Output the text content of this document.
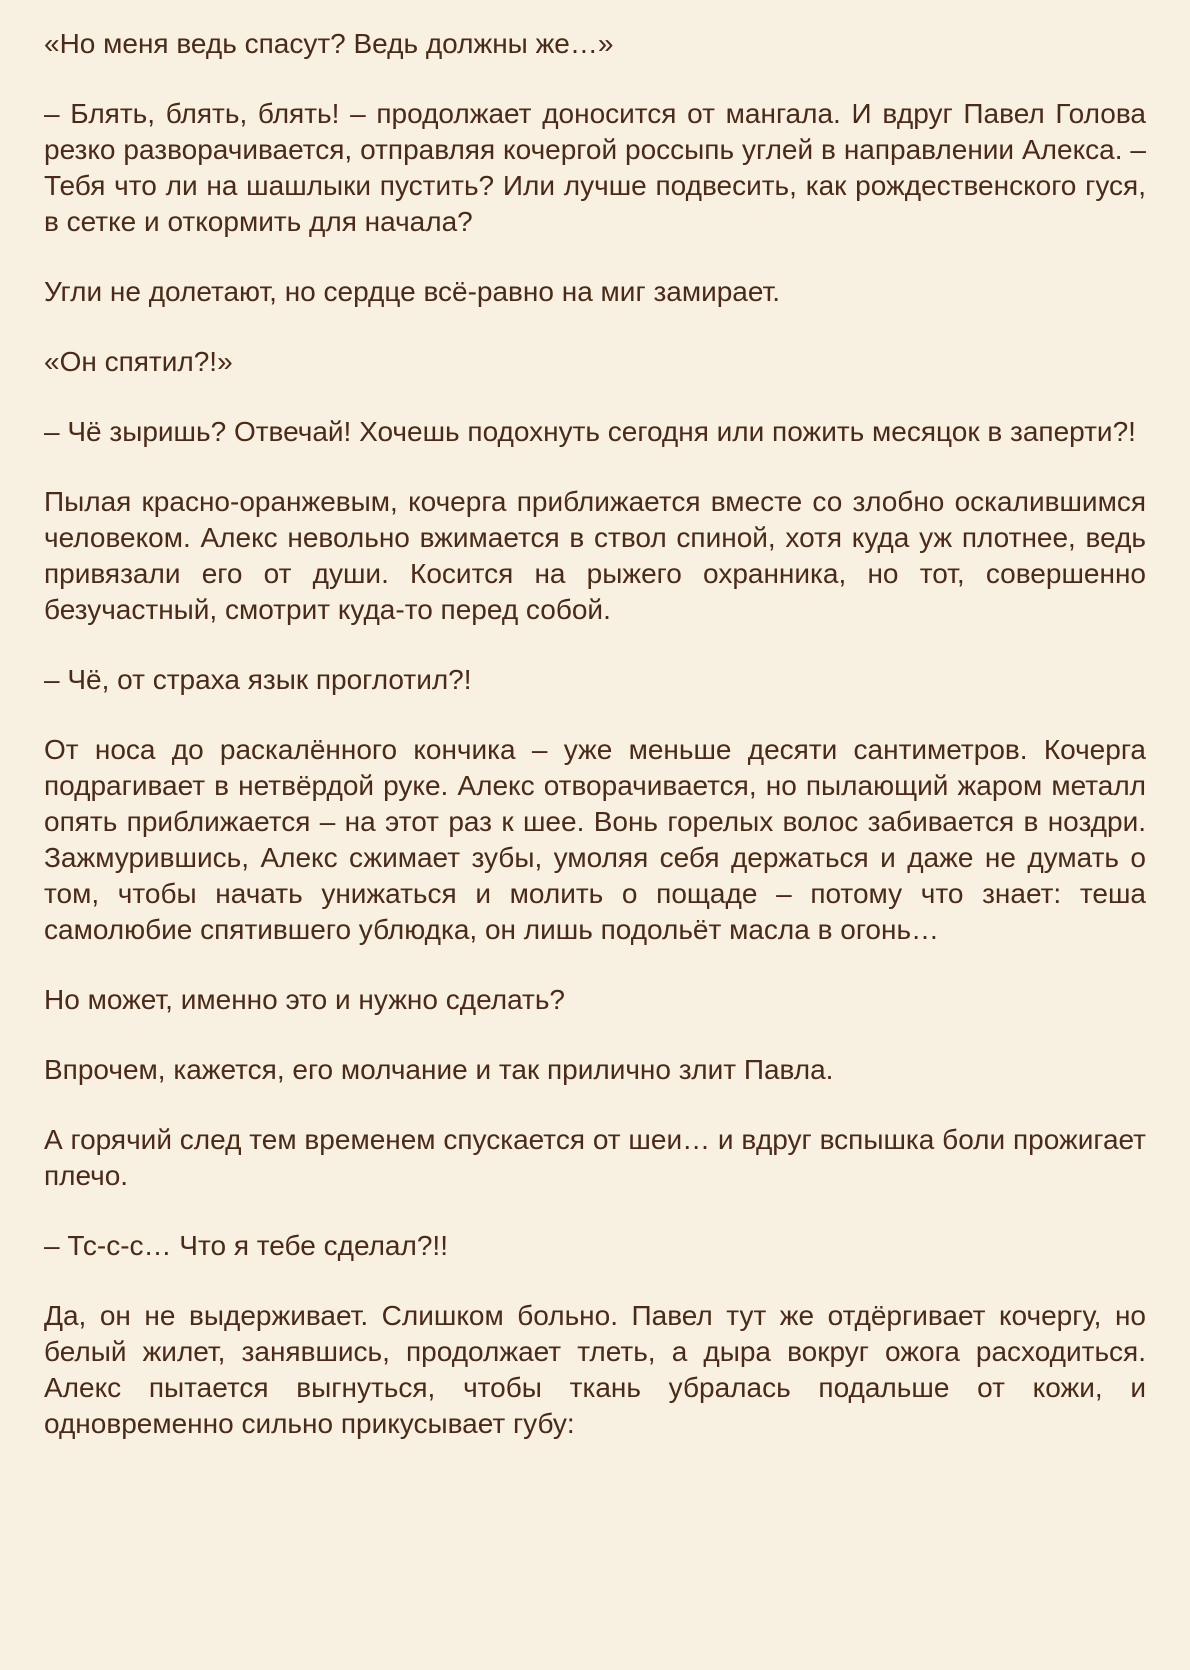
«Но меня ведь спасут? Ведь должны же…»

– Блять, блять, блять! – продолжает доносится от мангала. И вдруг Павел Голова резко разворачивается, отправляя кочергой россыпь углей в направлении Алекса. – Тебя что ли на шашлыки пустить? Или лучше подвесить, как рождественского гуся, в сетке и откормить для начала?

Угли не долетают, но сердце всё-равно на миг замирает.

«Он спятил?!»

– Чё зыришь? Отвечай! Хочешь подохнуть сегодня или пожить месяцок в заперти?!

Пылая красно-оранжевым, кочерга приближается вместе со злобно оскалившимся человеком. Алекс невольно вжимается в ствол спиной, хотя куда уж плотнее, ведь привязали его от души. Косится на рыжего охранника, но тот, совершенно безучастный, смотрит куда-то перед собой.

– Чё, от страха язык проглотил?!

От носа до раскалённого кончика – уже меньше десяти сантиметров. Кочерга подрагивает в нетвёрдой руке. Алекс отворачивается, но пылающий жаром металл опять приближается – на этот раз к шее. Вонь горелых волос забивается в ноздри. Зажмурившись, Алекс сжимает зубы, умоляя себя держаться и даже не думать о том, чтобы начать унижаться и молить о пощаде – потому что знает: теша самолюбие спятившего ублюдка, он лишь подольёт масла в огонь…

Но может, именно это и нужно сделать?

Впрочем, кажется, его молчание и так прилично злит Павла.

А горячий след тем временем спускается от шеи… и вдруг вспышка боли прожигает плечо.

– Тс-с-с… Что я тебе сделал?!!

Да, он не выдерживает. Слишком больно. Павел тут же отдёргивает кочергу, но белый жилет, занявшись, продолжает тлеть, а дыра вокруг ожога расходиться. Алекс пытается выгнуться, чтобы ткань убралась подальше от кожи, и одновременно сильно прикусывает губу:
